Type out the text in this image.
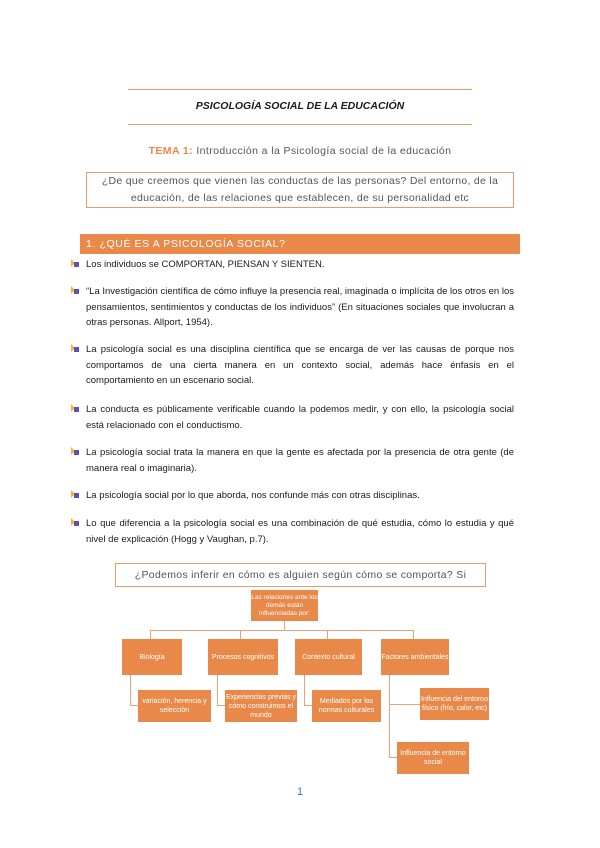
PSICOLOGÍA SOCIAL DE LA EDUCACIÓN
TEMA 1: Introducción a la Psicología social de la educación
¿De que creemos que vienen las conductas de las personas? Del entorno, de la
educación, de las relaciones que establecen, de su personalidad etc
1. ¿QUÉ ES A PSICOLOGÍA SOCIAL?
Los individuos se COMPORTAN, PIENSAN Y SIENTEN.
“La Investigación científica de cómo influye la presencia real, imaginada o implícita de los otros en los pensamientos, sentimientos y conductas de los individuos” (En situaciones sociales que involucran a otras personas. Allport, 1954).
La psicología social es una disciplina científica que se encarga de ver las causas de porque nos comportamos de una cierta manera en un contexto social, además hace énfasis en el comportamiento en un escenario social.
La conducta es públicamente verificable cuando la podemos medir, y con ello, la psicología social está relacionado con el conductismo.
La psicología social trata la manera en que la gente es afectada por la presencia de otra gente (de manera real o imaginaria).
La psicología social por lo que aborda, nos confunde más con otras disciplinas.
Lo que diferencia a la psicología social es una combinación de qué estudia, cómo lo estudia y qué nivel de explicación (Hogg y Vaughan, p.7).
¿Podemos inferir en cómo es alguien según cómo se comporta? Si
Las relaciones ante los demás están influenciadas por:
Biología	Procesos cognitivos	Contexto cultural	Factores ambientales
variación, herencia y selección
Experiencias previas y cómo construimos el mundo
Mediados por las normas culturales
Influencia del entorno físico (frío, calor, etc)
Influencia de entorno social
1
